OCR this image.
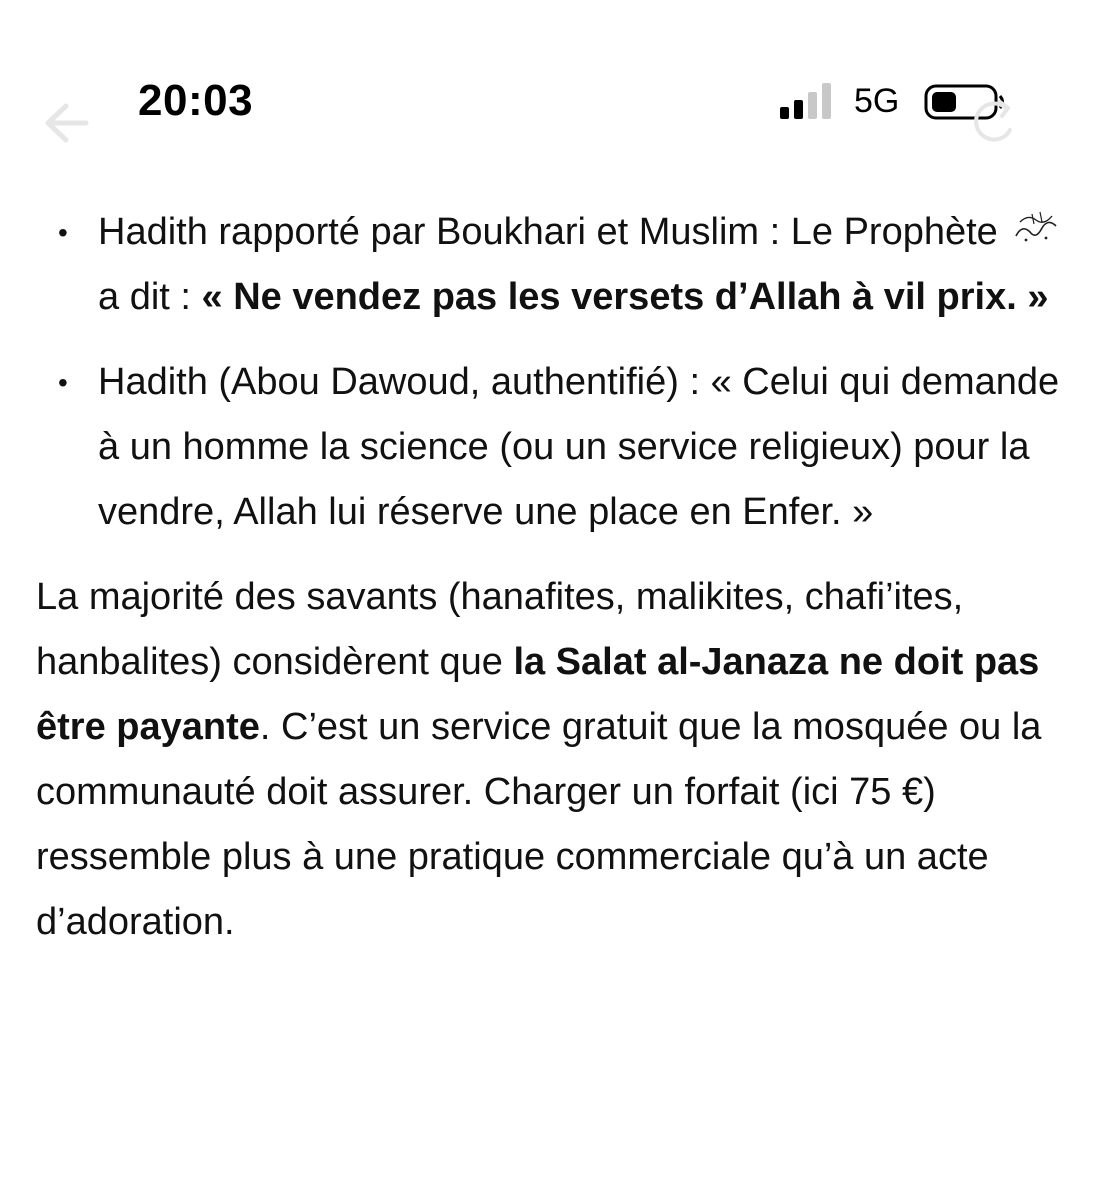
20:03	5G
• Hadith rapporté par Boukhari et Muslim : Le Prophète  a dit : « Ne vendez pas les versets d’Allah à vil prix. »
• Hadith (Abou Dawoud, authentifié) : « Celui qui demande à un homme la science (ou un service religieux) pour la vendre, Allah lui réserve une place en Enfer. »

La majorité des savants (hanafites, malikites, chafi’ites, hanbalites) considèrent que la Salat al-Janaza ne doit pas être payante. C’est un service gratuit que la mosquée ou la communauté doit assurer. Charger un forfait (ici 75 €) ressemble plus à une pratique commerciale qu’à un acte d’adoration.
